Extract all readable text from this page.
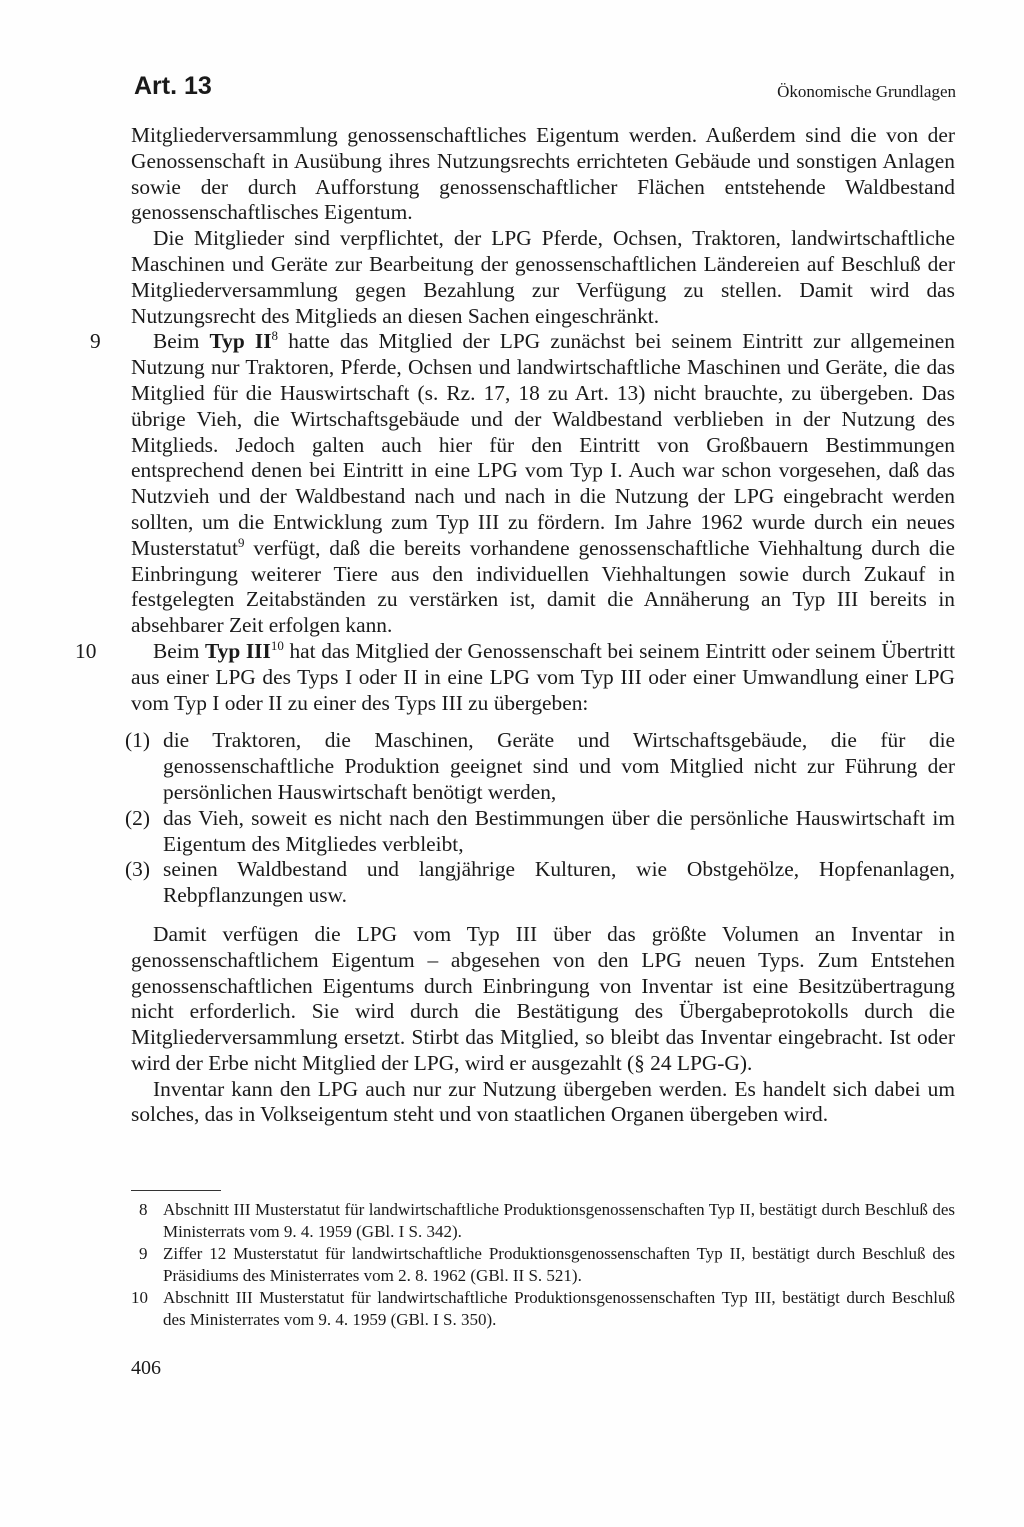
Art. 13	Ökonomische Grundlagen

Mitgliederversammlung genossenschaftliches Eigentum werden. Außerdem sind die von der Genossenschaft in Ausübung ihres Nutzungsrechts errichteten Gebäude und sonstigen Anlagen sowie der durch Aufforstung genossenschaftlicher Flächen entstehende Waldbestand genossenschaftlisches Eigentum.

Die Mitglieder sind verpflichtet, der LPG Pferde, Ochsen, Traktoren, landwirtschaftliche Maschinen und Geräte zur Bearbeitung der genossenschaftlichen Ländereien auf Beschluß der Mitgliederversammlung gegen Bezahlung zur Verfügung zu stellen. Damit wird das Nutzungsrecht des Mitglieds an diesen Sachen eingeschränkt.

9 Beim Typ $II^8$ hatte das Mitglied der LPG zunächst bei seinem Eintritt zur allgemeinen Nutzung nur Traktoren, Pferde, Ochsen und landwirtschaftliche Maschinen und Geräte, die das Mitglied für die Hauswirtschaft (s. Rz. 17, 18 zu Art. 13) nicht brauchte, zu übergeben. Das übrige Vieh, die Wirtschaftsgebäude und der Waldbestand verblieben in der Nutzung des Mitglieds. Jedoch galten auch hier für den Eintritt von Großbauern Bestimmungen entsprechend denen bei Eintritt in eine LPG vom Typ I. Auch war schon vorgesehen, daß das Nutzvieh und der Waldbestand nach und nach in die Nutzung der LPG eingebracht werden sollten, um die Entwicklung zum Typ III zu fördern. Im Jahre 1962 wurde durch ein neues Musterstatut$^9$ verfügt, daß die bereits vorhandene genossenschaftliche Viehhaltung durch die Einbringung weiterer Tiere aus den individuellen Viehhaltungen sowie durch Zukauf in festgelegten Zeitabständen zu verstärken ist, damit die Annäherung an Typ III bereits in absehbarer Zeit erfolgen kann.

10	Beim Typ III$^{10}$ hat das Mitglied der Genossenschaft bei seinem Eintritt oder seinem Übertritt aus einer LPG des Typs I oder II in eine LPG vom Typ III oder einer Umwandlung einer LPG vom Typ I oder II zu einer des Typs III zu übergeben:

(1) die Traktoren, die Maschinen, Geräte und Wirtschaftsgebäude, die für die genossenschaftliche Produktion geeignet sind und vom Mitglied nicht zur Führung der persönlichen Hauswirtschaft benötigt werden,
(2) das Vieh, soweit es nicht nach den Bestimmungen über die persönliche Hauswirtschaft im Eigentum des Mitgliedes verbleibt,
(3) seinen Waldbestand und langjährige Kulturen, wie Obstgehölze, Hopfenanlagen, Rebpflanzungen usw.

Damit verfügen die LPG vom Typ III über das größte Volumen an Inventar in genossenschaftlichem Eigentum – abgesehen von den LPG neuen Typs. Zum Entstehen genossenschaftlichen Eigentums durch Einbringung von Inventar ist eine Besitzübertragung nicht erforderlich. Sie wird durch die Bestätigung des Übergabeprotokolls durch die Mitgliederversammlung ersetzt. Stirbt das Mitglied, so bleibt das Inventar eingebracht. Ist oder wird der Erbe nicht Mitglied der LPG, wird er ausgezahlt (§ 24 LPG-G).

Inventar kann den LPG auch nur zur Nutzung übergeben werden. Es handelt sich dabei um solches, das in Volkseigentum steht und von staatlichen Organen übergeben wird.

8 Abschnitt III Musterstatut für landwirtschaftliche Produktionsgenossenschaften Typ II, bestätigt durch Beschluß des Ministerrats vom 9. 4. 1959 (GBl. I S. 342).
9 Ziffer 12 Musterstatut für landwirtschaftliche Produktionsgenossenschaften Typ II, bestätigt durch Beschluß des Präsidiums des Ministerrates vom 2. 8. 1962 (GBl. II S. 521).
10 Abschnitt III Musterstatut für landwirtschaftliche Produktionsgenossenschaften Typ III, bestätigt durch Beschluß des Ministerrates vom 9. 4. 1959 (GBl. I S. 350).
406
